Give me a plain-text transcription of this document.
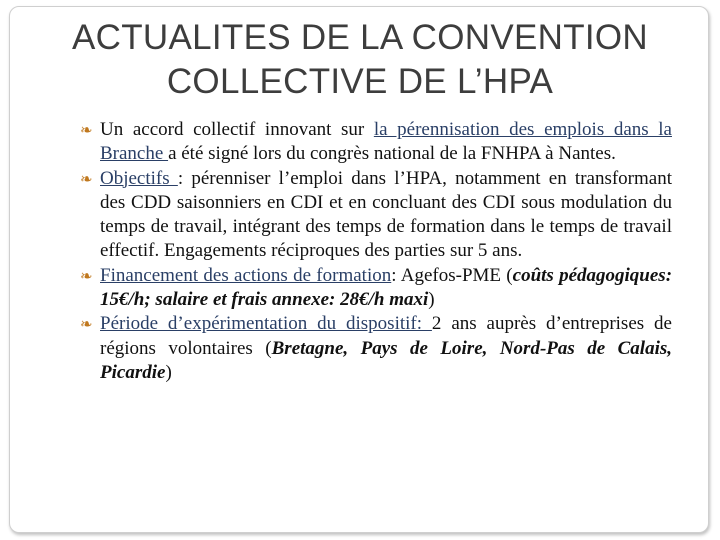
ACTUALITES DE LA CONVENTION
COLLECTIVE DE L’HPA
❧ Un accord collectif innovant sur la pérennisation des emplois dans la Branche a été signé lors du congrès national de la FNHPA à Nantes.
❧ Objectifs : pérenniser l’emploi dans l’HPA, notamment en transformant des CDD saisonniers en CDI et en concluant des CDI sous modulation du temps de travail, intégrant des temps de formation dans le temps de travail effectif. Engagements réciproques des parties sur 5 ans.
❧ Financement des actions de formation: Agefos-PME (coûts pédagogiques: 15€/h; salaire et frais annexe: 28€/h maxi)
❧ Période d’expérimentation du dispositif: 2 ans auprès d’entreprises de régions volontaires (Bretagne, Pays de Loire, Nord-Pas de Calais, Picardie)
